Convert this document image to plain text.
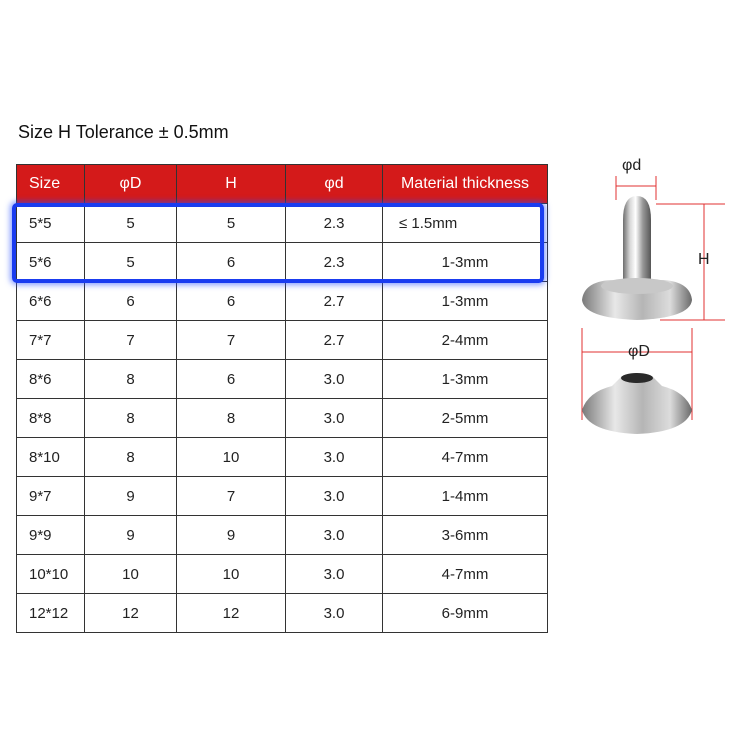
Size H Tolerance ± 0.5mm
Size	φD	H	φd	Material thickness
5*5	5	5	2.3	≤ 1.5mm
5*6	5	6	2.3	1-3mm
6*6	6	6	2.7	1-3mm
7*7	7	7	2.7	2-4mm
8*6	8	6	3.0	1-3mm
8*8	8	8	3.0	2-5mm
8*10	8	10	3.0	4-7mm
9*7	9	7	3.0	1-4mm
9*9	9	9	3.0	3-6mm
10*10	10	10	3.0	4-7mm
12*12	12	12	3.0	6-9mm
φd
H
φD
